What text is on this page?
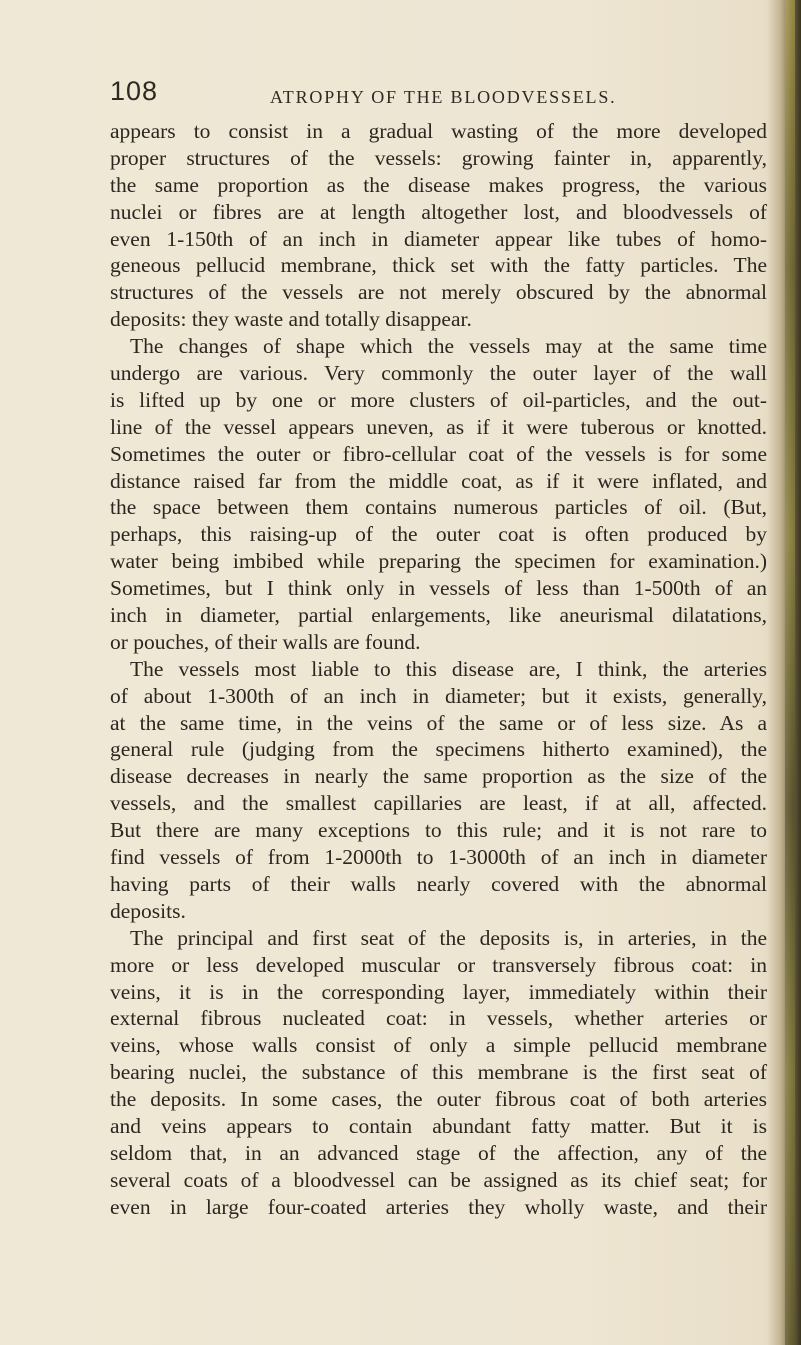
108	ATROPHY OF THE BLOODVESSELS.

appears to consist in a gradual wasting of the more developed
proper structures of the vessels: growing fainter in, apparently,
the same proportion as the disease makes progress, the various
nuclei or fibres are at length altogether lost, and bloodvessels of
even 1-150th of an inch in diameter appear like tubes of homo-
geneous pellucid membrane, thick set with the fatty particles. The
structures of the vessels are not merely obscured by the abnormal
deposits: they waste and totally disappear.
The changes of shape which the vessels may at the same time
undergo are various. Very commonly the outer layer of the wall
is lifted up by one or more clusters of oil-particles, and the out-
line of the vessel appears uneven, as if it were tuberous or knotted.
Sometimes the outer or fibro-cellular coat of the vessels is for some
distance raised far from the middle coat, as if it were inflated, and
the space between them contains numerous particles of oil. (But,
perhaps, this raising-up of the outer coat is often produced by
water being imbibed while preparing the specimen for examination.)
Sometimes, but I think only in vessels of less than 1-500th of an
inch in diameter, partial enlargements, like aneurismal dilatations,
or pouches, of their walls are found.
The vessels most liable to this disease are, I think, the arteries
of about 1-300th of an inch in diameter; but it exists, generally,
at the same time, in the veins of the same or of less size. As a
general rule (judging from the specimens hitherto examined), the
disease decreases in nearly the same proportion as the size of the
vessels, and the smallest capillaries are least, if at all, affected.
But there are many exceptions to this rule; and it is not rare to
find vessels of from 1-2000th to 1-3000th of an inch in diameter
having parts of their walls nearly covered with the abnormal
deposits.
The principal and first seat of the deposits is, in arteries, in the
more or less developed muscular or transversely fibrous coat: in
veins, it is in the corresponding layer, immediately within their
external fibrous nucleated coat: in vessels, whether arteries or
veins, whose walls consist of only a simple pellucid membrane
bearing nuclei, the substance of this membrane is the first seat of
the deposits. In some cases, the outer fibrous coat of both arteries
and veins appears to contain abundant fatty matter. But it is
seldom that, in an advanced stage of the affection, any of the
several coats of a bloodvessel can be assigned as its chief seat; for
even in large four-coated arteries they wholly waste, and their
